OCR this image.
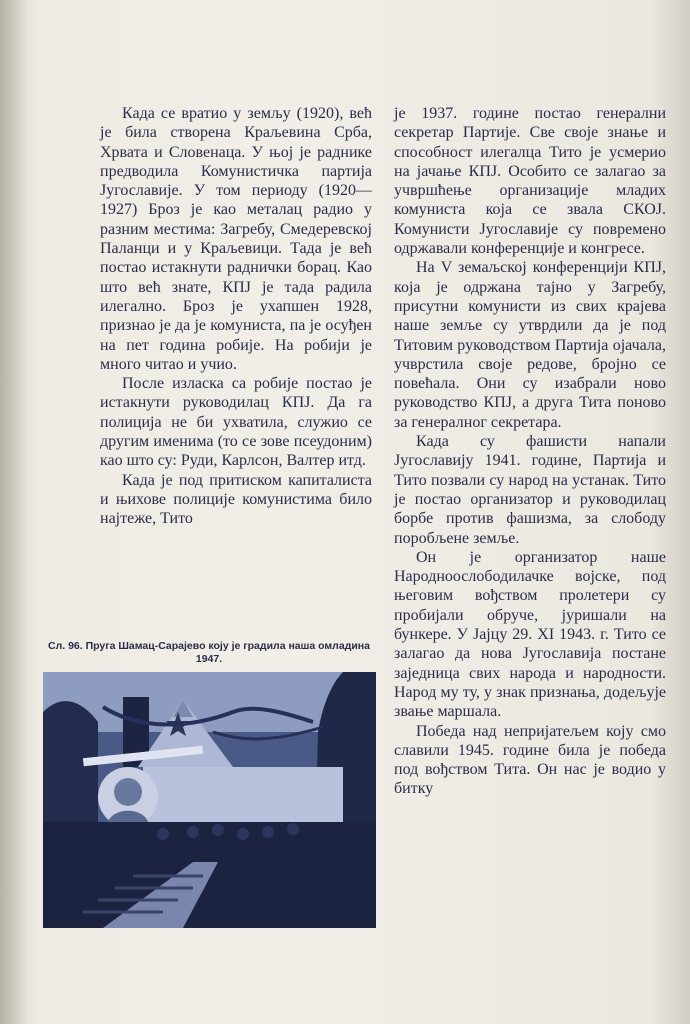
Када се вратио у земљу (1920), већ је била створена Краљевина Срба, Хрвата и Словенаца. У њој је раднике предводила Комунистичка партија Југославије. У том периоду (1920—1927) Броз је као металац радио у разним местима: Загребу, Смедеревској Паланци и у Краљевици. Тада је већ постао истакнути раднички борац. Као што већ знате, КПЈ је тада радила илегално. Броз је ухапшен 1928, признао је да је комуниста, па је осуђен на пет година робије. На робији је много читао и учио.

После изласка са робије постао је истакнути руководилац КПЈ. Да га полиција не би ухватила, служио се другим именима (то се зове псеудоним) као што су: Руди, Карлсон, Валтер итд.

Када је под притиском капиталиста и њихове полиције комунистима било најтеже, Тито

Сл. 96. Пруга Шамац-Сарајево коју је градила наша омладина 1947.

је 1937. године постао генерални секретар Партије. Све своје знање и способност илегалца Тито је усмерио на јачање КПЈ. Особито се залагао за учвршћење организације младих комуниста која се звала СКОЈ. Комунисти Југославије су повремено одржавали конференције и конгресе.

На V земаљској конференцији КПЈ, која је одржана тајно у Загребу, присутни комунисти из свих крајева наше земље су утврдили да је под Титовим руководством Партија ојачала, учврстила своје редове, бројно се повећала. Они су изабрали ново руководство КПЈ, а друга Тита поново за генералног секретара.

Када су фашисти напали Југославију 1941. године, Партија и Тито позвали су народ на устанак. Тито је постао организатор и руководилац борбе против фашизма, за слободу поробљене земље.

Он је организатор наше Народноослободилачке војске, под његовим вођством пролетери су пробијали обруче, јуришали на бункере. У Јајцу 29. XI 1943. г. Тито се залагао да нова Југославија постане заједница свих народа и народности. Народ му ту, у знак признања, додељује звање маршала.

Победа над непријатељем коју смо славили 1945. године била је победа под вођством Тита. Он нас је водио у битку
